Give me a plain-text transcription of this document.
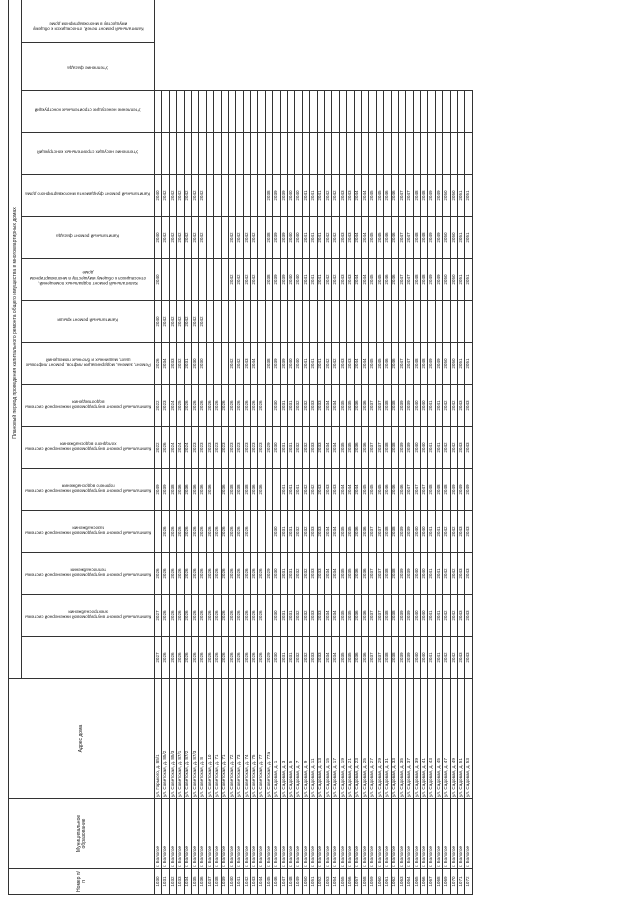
Номер п/п	Муниципальное образование	Адрес дома	Плановый период проведения капитального ремонта общего имущества в многоквартирных домах															
			Капитальный ремонт внутридомовой инженерной системы электроснабжения	Капитальный ремонт внутридомовой инженерной системы теплоснабжения	Капитальный ремонт внутридомовой инженерной системы газоснабжения	Капитальный ремонт внутридомовой инженерной системы горячего водоснабжения	Капитальный ремонт внутридомовой инженерной системы холодного водоснабжения	Капитальный ремонт внутридомовой инженерной системы водоотведения	Ремонт, замена, модернизация лифтов, ремонт лифтовых шахт, машинных и блочных помещений	Капитальный ремонт крыши	Капитальный ремонт подвальных помещений, относящихся к общему имуществу в многоквартирном доме	Капитальный ремонт фасада	Капитальный ремонт фундамента многоквартирного дома	Утепление несущих строительных конструкций	Утепление ненесущих строительных конструкций	Утепление фасада	Капитальный ремонт печей, относящихся к общему имуществу в многоквартирном доме	
1030	г. Бологое	ул. Горького, д. 85/1	2027	2027	2026		2049	2022	2022	2026	2040	2040	2040	2040				
1031	г. Бологое	ул. Советская, д. 85/2	2026	2026	2026	2026	2039	2026	2023	2034	2042		2042	2042				
1032	г. Бологое	ул. Советская, д. 85/3	2026	2026	2026	2026	2038	2024	2024	2033	2042		2042	2042				
1033	г. Бологое	ул. Советская, д. 87/1	2026	2026	2026	2026	2036	2024	2025	2032	2042		2042	2042				
1034	г. Бологое	ул. Советская, д. 87/2	2026	2026	2026	2026	2036	2024	2026	2031	2042		2042	2042				
1035	г. Бологое	ул. Советская, д. 87/3	2026	2026	2026	2026	2036	2023	2026	2030	2042		2042	2042				
1036	г. Бологое	ул. Советская, д. 8	2026	2026	2026	2026	2036	2023	2026	2030	2042		2042	2042				
1037	г. Бологое	ул. Советская, д. 10	2026	2026	2026	2026	2036	2023	2026									
1038	г. Бологое	ул. Советская, д. 71	2026	2026	2026	2026		2023	2026									
1039	г. Бологое	ул. Советская, д. 71	2026	2026	2026	2026	2036	2023	2026									
1040	г. Бологое	ул. Советская, д. 72	2026	2026	2026	2026	2038	2023	2026	2042		2042	2042					
1041	г. Бологое	ул. Советская, д. 73	2026	2026	2026	2026	2038	2023	2026	2042		2042	2042					
1042	г. Бологое	ул. Советская, д. 74	2026	2026	2026	2026	2038	2023	2026	2043		2042	2042					
1043	г. Бологое	ул. Советская, д. 75	2026	2026	2026		2036	2023	2026	2044		2042	2042					
1044	г. Бологое	ул. Советская, д. 77	2026	2026	2026		2036	2023	2026									
1045	г. Бологое	ул. Советская, д. 77а	2029		2029			2029		2038		2038	2038	2038				
1046	г. Бологое	ул. Садовая, д. 1	2030	2030	2030	2030		2030	2030	2039		2039	2039	2039				
1047	г. Бологое	ул. Садовая, д. 3	2031	2031	2031	2031	2041	2031	2031	2039		2039	2039	2039				
1048	г. Бологое	ул. Садовая, д. 5	2031	2031	2031	2031	2041	2031	2031	2040		2040	2040	2040				
1049	г. Бологое	ул. Садовая, д. 7	2032	2032	2032	2032	2041	2032	2032	2040		2040	2040	2040				
1050	г. Бологое	ул. Садовая, д. 9	2032	2032	2032	2032	2042	2032	2032	2041		2041	2041	2041				
1051	г. Бологое	ул. Садовая, д. 11	2033	2033	2033	2033	2042	2033	2033	2041		2041	2041	2041				
1052	г. Бологое	ул. Садовая, д. 13	2033	2033	2033	2033	2043	2033	2033	2041		2041	2041	2041				
1053	г. Бологое	ул. Садовая, д. 15	2034	2034	2034	2034	2043	2034	2034	2042		2042	2042	2042				
1054	г. Бологое	ул. Садовая, д. 17	2034	2034	2034	2034	2043	2034	2034	2042		2042	2042	2042				
1055	г. Бологое	ул. Садовая, д. 19	2035	2035	2035	2035	2044	2035	2035	2043		2043	2043	2043				
1056	г. Бологое	ул. Садовая, д. 21	2035	2035	2035	2035	2044	2035	2035	2043		2043	2043	2043				
1057	г. Бологое	ул. Садовая, д. 23	2036	2036	2036	2036	2044	2036	2036	2044		2044	2044	2044				
1058	г. Бологое	ул. Садовая, д. 25	2036	2036	2036	2036	2045	2036	2036	2044		2044	2044	2044				
1059	г. Бологое	ул. Садовая, д. 27	2037	2037	2037	2037	2045	2037	2037	2045		2045	2045	2045				
1060	г. Бологое	ул. Садовая, д. 29	2037	2037	2037	2037	2045	2037	2037	2045		2045	2045	2045				
1061	г. Бологое	ул. Садовая, д. 31	2038	2038	2038	2038	2046	2038	2038	2046		2046	2046	2046				
1062	г. Бологое	ул. Садовая, д. 33	2038	2038	2038	2038	2046	2038	2038	2046		2046	2046	2046				
1063	г. Бологое	ул. Садовая, д. 35	2039	2039	2039	2039	2046	2039	2039	2047		2047	2047	2047				
1064	г. Бологое	ул. Садовая, д. 37	2039	2039	2039	2039	2047	2039	2039	2047		2047	2047	2047				
1065	г. Бологое	ул. Садовая, д. 39	2040	2040	2040	2040	2047	2040	2040	2048		2048	2048	2048				
1066	г. Бологое	ул. Садовая, д. 41	2040	2040	2040	2040	2047	2040	2040	2048		2048	2048	2048				
1067	г. Бологое	ул. Садовая, д. 43	2041	2041	2041	2041	2048	2041	2041	2049		2049	2049	2049				
1068	г. Бологое	ул. Садовая, д. 45	2041	2041	2041	2041	2048	2041	2041	2049		2049	2049	2049				
1069	г. Бологое	ул. Садовая, д. 47	2042	2042	2042	2042	2048	2042	2042	2050		2050	2050	2050				
1070	г. Бологое	ул. Садовая, д. 49	2042	2042	2042	2042	2049	2042	2042	2050		2050	2050	2050				
1071	г. Бологое	ул. Садовая, д. 51	2043	2043	2043	2043	2049	2043	2043	2051		2051	2051	2051				
1072	г. Бологое	ул. Садовая, д. 53	2043	2043	2043	2043	2049	2043	2043	2051		2051	2051	2051				
